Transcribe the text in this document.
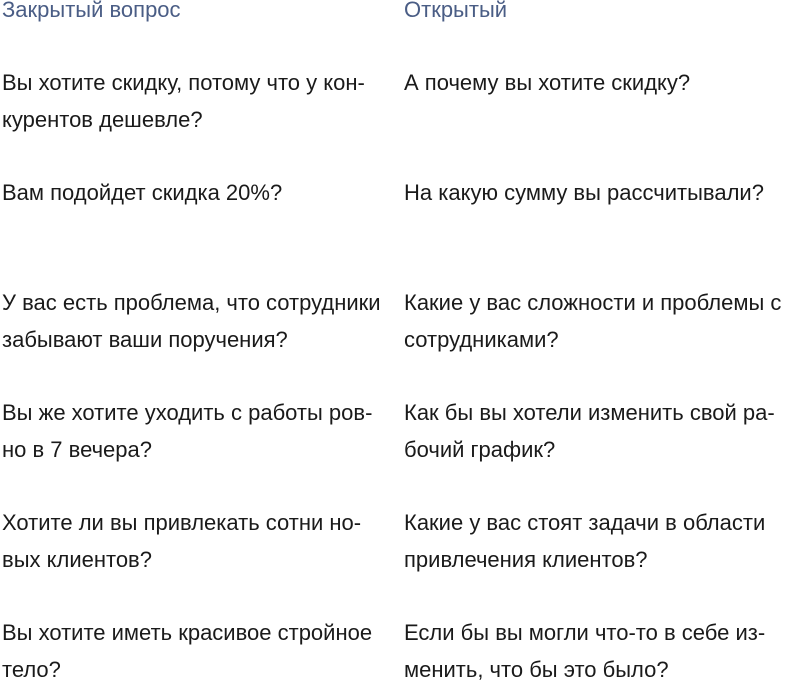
Закрытый вопрос	Открытый
Вы хотите скидку, потому что у кон-
курентов дешевле?
А почему вы хотите скидку?
Вам подойдет скидка 20%?	На какую сумму вы рассчитывали?
У вас есть проблема, что сотрудники
забывают ваши поручения?
Какие у вас сложности и проблемы с
сотрудниками?
Вы же хотите уходить с работы ров-
но в 7 вечера?
Как бы вы хотели изменить свой ра-
бочий график?
Хотите ли вы привлекать сотни но-
вых клиентов?
Какие у вас стоят задачи в области
привлечения клиентов?
Вы хотите иметь красивое стройное
тело?
Если бы вы могли что-то в себе из-
менить, что бы это было?
